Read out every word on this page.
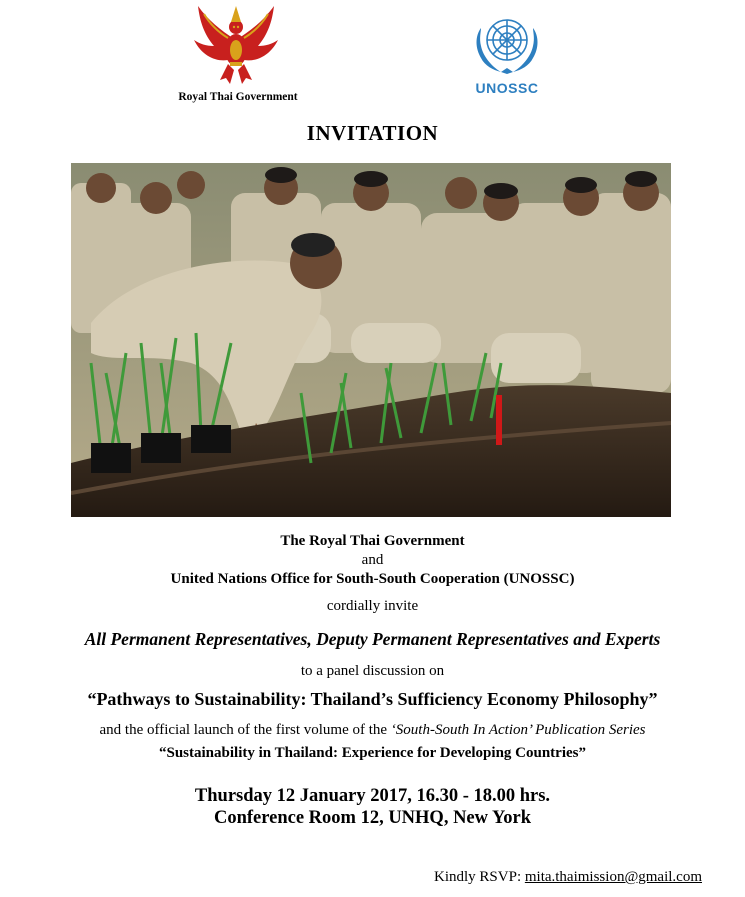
Royal Thai Government
UNOSSC
INVITATION
The Royal Thai Government
and
United Nations Office for South-South Cooperation (UNOSSC)
cordially invite
All Permanent Representatives, Deputy Permanent Representatives and Experts
to a panel discussion on
“Pathways to Sustainability: Thailand’s Sufficiency Economy Philosophy”
and the official launch of the first volume of the ‘South-South In Action’ Publication Series
“Sustainability in Thailand: Experience for Developing Countries”
Thursday 12 January 2017, 16.30 - 18.00 hrs.
Conference Room 12, UNHQ, New York
Kindly RSVP: mita.thaimission@gmail.com
